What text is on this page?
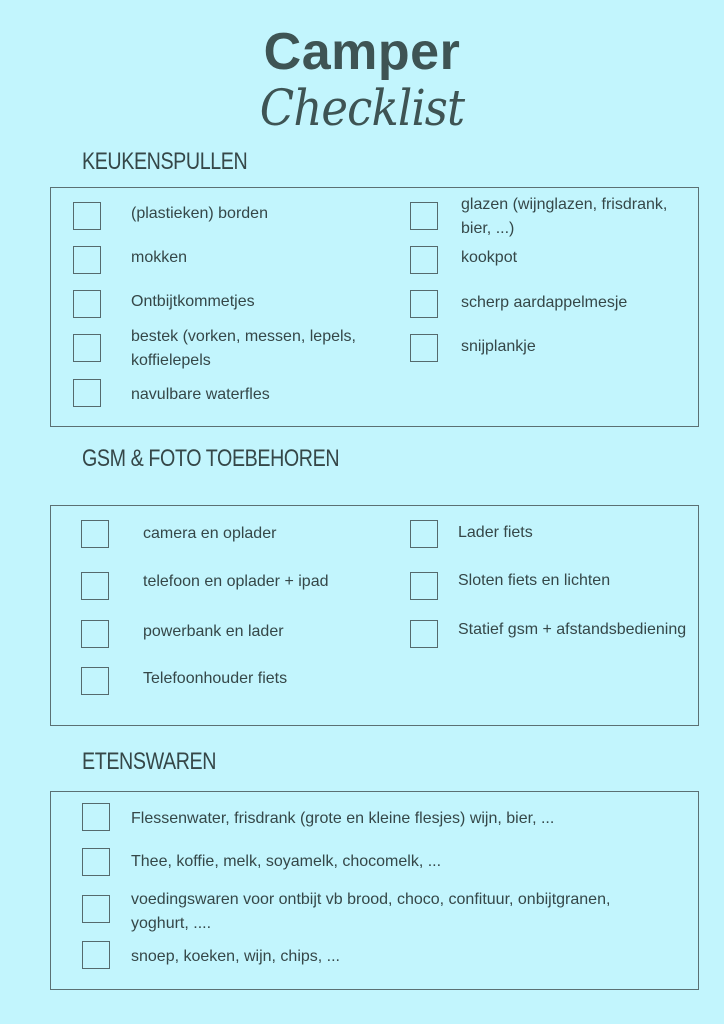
Camper
Checklist
KEUKENSPULLEN
(plastieken) borden
mokken
Ontbijtkommetjes
bestek (vorken, messen, lepels, koffielepels
navulbare waterfles
glazen (wijnglazen, frisdrank, bier, ...)
kookpot
scherp aardappelmesje
snijplankje
GSM & FOTO TOEBEHOREN
camera en oplader
telefoon en oplader + ipad
powerbank en lader
Telefoonhouder fiets
Lader fiets
Sloten fiets en lichten
Statief gsm + afstandsbediening
ETENSWAREN
Flessenwater, frisdrank (grote en kleine flesjes) wijn, bier, ...
Thee, koffie, melk, soyamelk, chocomelk, ...
voedingswaren voor ontbijt vb brood, choco, confituur, onbijtgranen, yoghurt, ....
snoep, koeken, wijn, chips, ...
